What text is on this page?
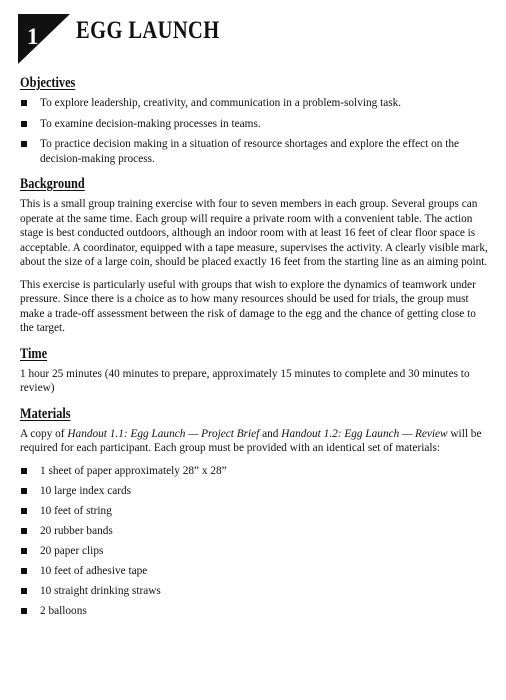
1 EGG LAUNCH
Objectives
To explore leadership, creativity, and communication in a problem-solving task.
To examine decision-making processes in teams.
To practice decision making in a situation of resource shortages and explore the effect on the decision-making process.
Background

This is a small group training exercise with four to seven members in each group. Several groups can operate at the same time. Each group will require a private room with a convenient table. The action stage is best conducted outdoors, although an indoor room with at least 16 feet of clear floor space is acceptable. A coordinator, equipped with a tape measure, supervises the activity. A clearly visible mark, about the size of a large coin, should be placed exactly 16 feet from the starting line as an aiming point.

This exercise is particularly useful with groups that wish to explore the dynamics of teamwork under pressure. Since there is a choice as to how many resources should be used for trials, the group must make a trade-off assessment between the risk of damage to the egg and the chance of getting close to the target.

Time

1 hour 25 minutes (40 minutes to prepare, approximately 15 minutes to complete and 30 minutes to review)

Materials

A copy of Handout 1.1: Egg Launch — Project Brief and Handout 1.2: Egg Launch — Review will be required for each participant. Each group must be provided with an identical set of materials:

1 sheet of paper approximately 28” x 28”
10 large index cards
10 feet of string
20 rubber bands
20 paper clips
10 feet of adhesive tape
10 straight drinking straws
2 balloons
